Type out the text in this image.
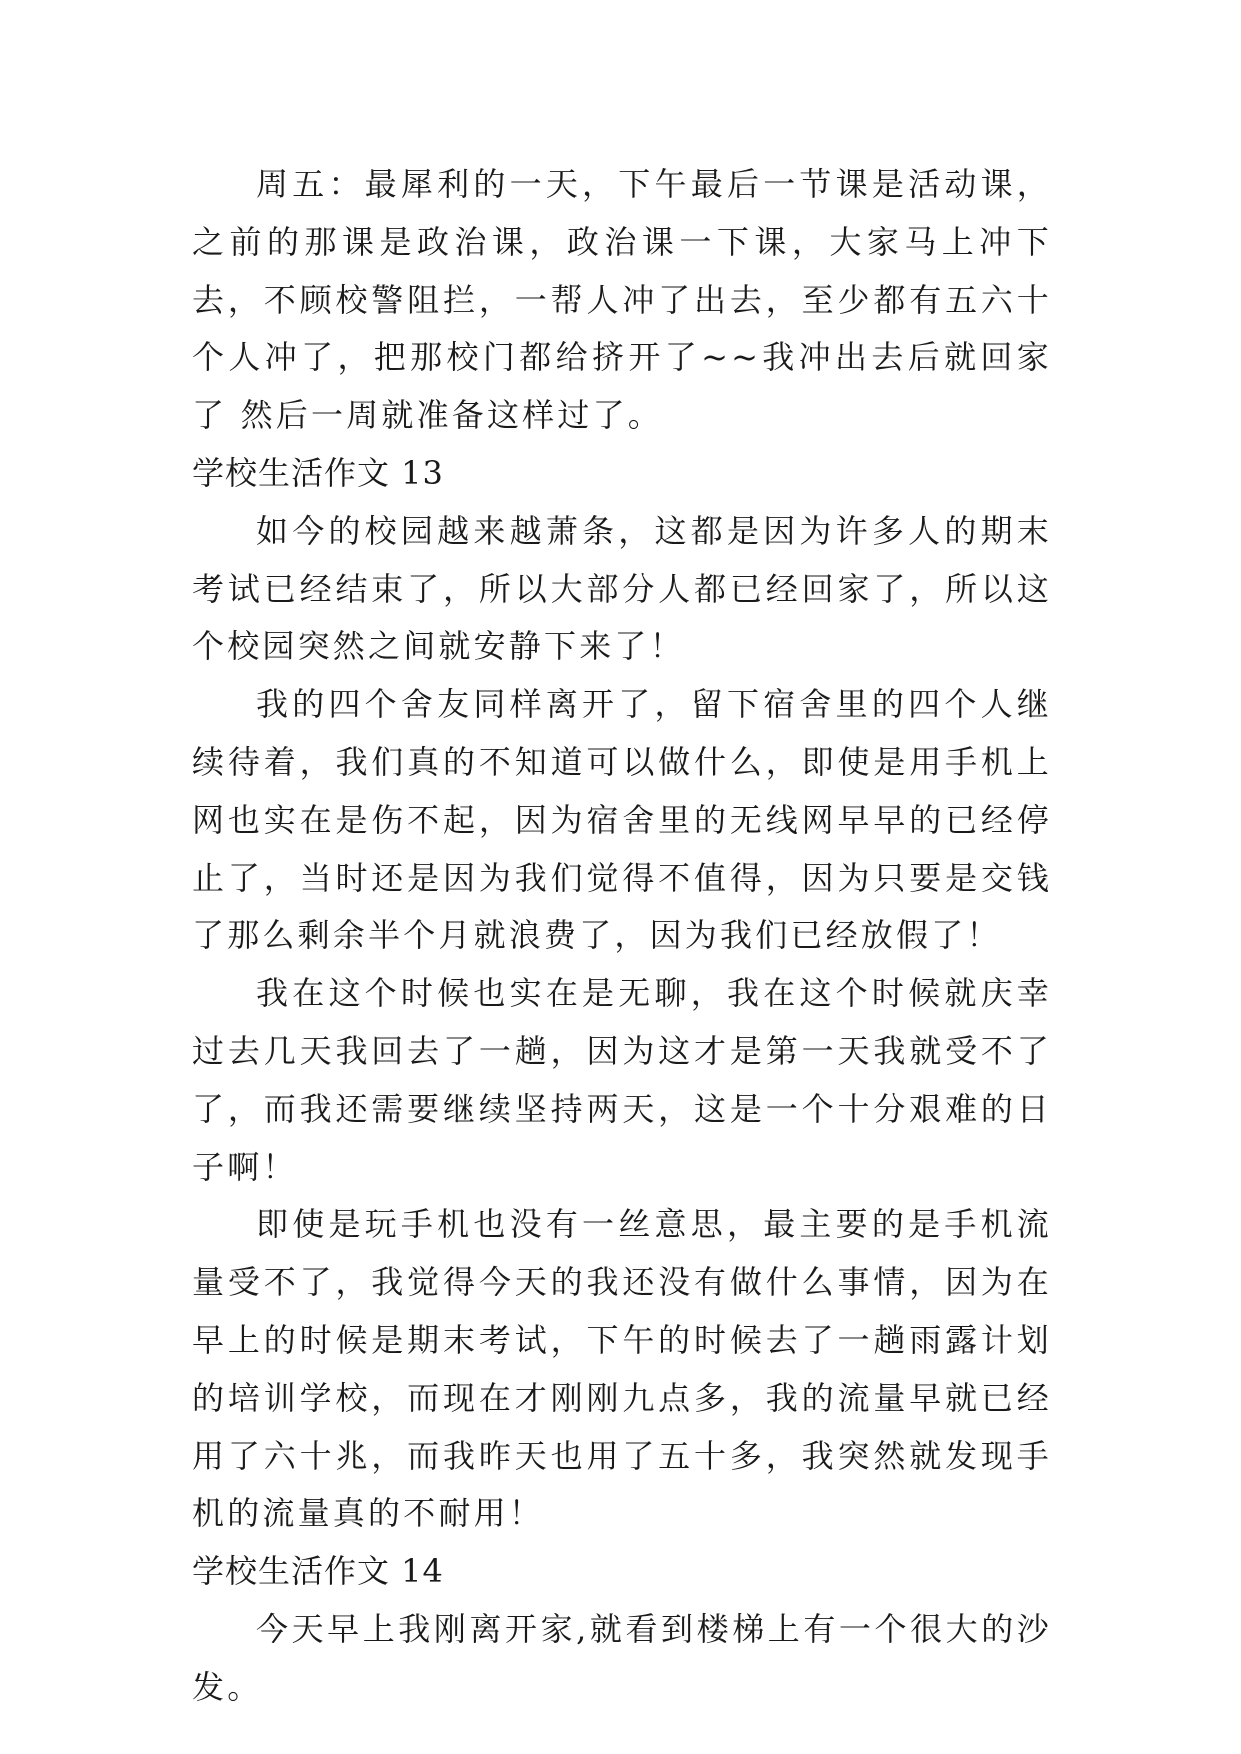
周五：最犀利的一天，下午最后一节课是活动课，之前的那课是政治课，政治课一下课，大家马上冲下去，不顾校警阻拦，一帮人冲了出去，至少都有五六十个人冲了，把那校门都给挤开了~~我冲出去后就回家了 然后一周就准备这样过了。

学校生活作文 13

如今的校园越来越萧条，这都是因为许多人的期末考试已经结束了，所以大部分人都已经回家了，所以这个校园突然之间就安静下来了！

我的四个舍友同样离开了，留下宿舍里的四个人继续待着，我们真的不知道可以做什么，即使是用手机上网也实在是伤不起，因为宿舍里的无线网早早的已经停止了，当时还是因为我们觉得不值得，因为只要是交钱了那么剩余半个月就浪费了，因为我们已经放假了！

我在这个时候也实在是无聊，我在这个时候就庆幸过去几天我回去了一趟，因为这才是第一天我就受不了了，而我还需要继续坚持两天，这是一个十分艰难的日子啊！

即使是玩手机也没有一丝意思，最主要的是手机流量受不了，我觉得今天的我还没有做什么事情，因为在早上的时候是期末考试，下午的时候去了一趟雨露计划的培训学校，而现在才刚刚九点多，我的流量早就已经用了六十兆，而我昨天也用了五十多，我突然就发现手机的流量真的不耐用！

学校生活作文 14

今天早上我刚离开家,就看到楼梯上有一个很大的沙发。
